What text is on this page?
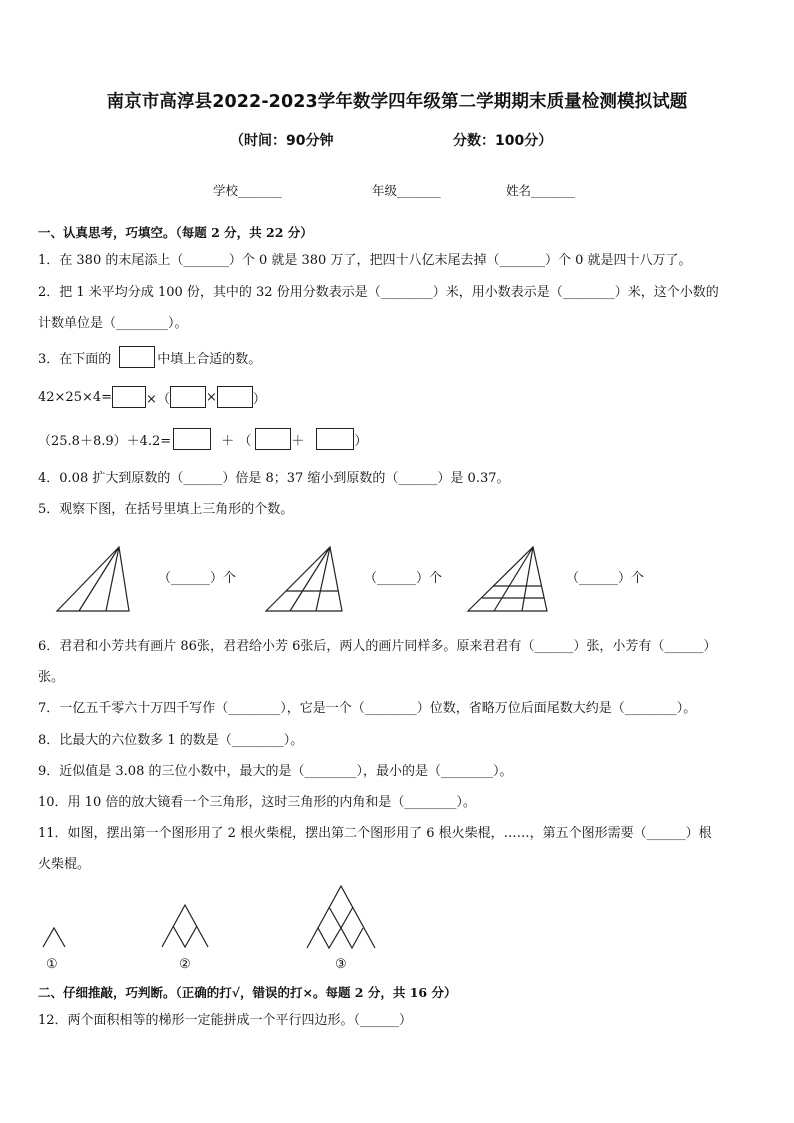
南京市高淳县2022-2023学年数学四年级第二学期期末质量检测模拟试题
（时间：90分钟	分数：100分）
学校_______	年级_______	姓名_______
一、认真思考，巧填空。（每题 2 分，共 22 分）
1．在 380 的末尾添上（_______）个 0 就是 380 万了，把四十八亿末尾去掉（_______）个 0 就是四十八万了。
2．把 1 米平均分成 100 份，其中的 32 份用分数表示是（________）米，用小数表示是（________）米，这个小数的
计数单位是（________）。
3．在下面的	中填上合适的数。
42×25×4=	×（	×	）
（25.8＋8.9）＋4.2=	＋ （	＋	）
4．0.08 扩大到原数的（______）倍是 8；37 缩小到原数的（______）是 0.37。
5．观察下图，在括号里填上三角形的个数。
（______）个	（______）个	（______）个
6．君君和小芳共有画片 86张，君君给小芳 6张后，两人的画片同样多。原来君君有（______）张，小芳有（______）
张。
7．一亿五千零六十万四千写作（________），它是一个（________）位数，省略万位后面尾数大约是（________）。
8．比最大的六位数多 1 的数是（________）。
9．近似值是 3.08 的三位小数中，最大的是（________），最小的是（________）。
10．用 10 倍的放大镜看一个三角形，这时三角形的内角和是（________）。
11．如图，摆出第一个图形用了 2 根火柴棍，摆出第二个图形用了 6 根火柴棍，……，第五个图形需要（______）根
火柴棍。
①	②	③
二、仔细推敲，巧判断。（正确的打√，错误的打×。每题 2 分，共 16 分）
12．两个面积相等的梯形一定能拼成一个平行四边形。（______）
